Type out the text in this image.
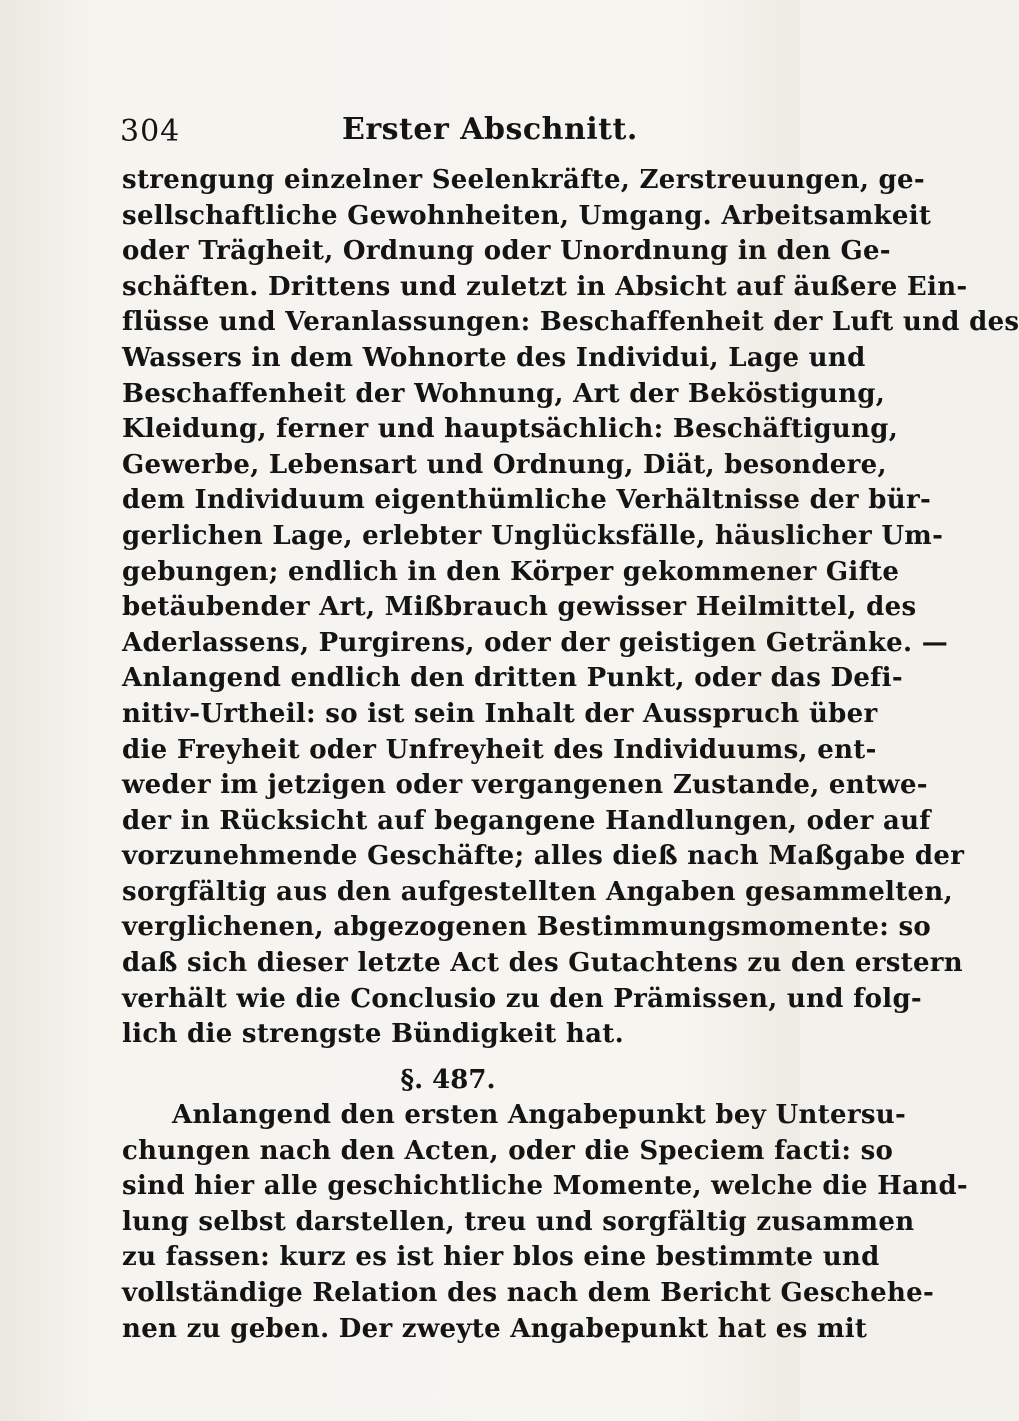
304	Erster Abschnitt.
strengung einzelner Seelenkräfte, Zerstreuungen, ge-
sellschaftliche Gewohnheiten, Umgang. Arbeitsamkeit
oder Trägheit, Ordnung oder Unordnung in den Ge-
schäften. Drittens und zuletzt in Absicht auf äußere Ein-
flüsse und Veranlassungen: Beschaffenheit der Luft und des
Wassers in dem Wohnorte des Individui, Lage und
Beschaffenheit der Wohnung, Art der Beköstigung,
Kleidung, ferner und hauptsächlich: Beschäftigung,
Gewerbe, Lebensart und Ordnung, Diät, besondere,
dem Individuum eigenthümliche Verhältnisse der bür-
gerlichen Lage, erlebter Unglücksfälle, häuslicher Um-
gebungen; endlich in den Körper gekommener Gifte
betäubender Art, Mißbrauch gewisser Heilmittel, des
Aderlassens, Purgirens, oder der geistigen Getränke. —
Anlangend endlich den dritten Punkt, oder das Defi-
nitiv-Urtheil: so ist sein Inhalt der Ausspruch über
die Freyheit oder Unfreyheit des Individuums, ent-
weder im jetzigen oder vergangenen Zustande, entwe-
der in Rücksicht auf begangene Handlungen, oder auf
vorzunehmende Geschäfte; alles dieß nach Maßgabe der
sorgfältig aus den aufgestellten Angaben gesammelten,
verglichenen, abgezogenen Bestimmungsmomente: so
daß sich dieser letzte Act des Gutachtens zu den erstern
verhält wie die Conclusio zu den Prämissen, und folg-
lich die strengste Bündigkeit hat.
§. 487.
Anlangend den ersten Angabepunkt bey Untersu-
chungen nach den Acten, oder die Speciem facti: so
sind hier alle geschichtliche Momente, welche die Hand-
lung selbst darstellen, treu und sorgfältig zusammen
zu fassen: kurz es ist hier blos eine bestimmte und
vollständige Relation des nach dem Bericht Geschehe-
nen zu geben. Der zweyte Angabepunkt hat es mit
